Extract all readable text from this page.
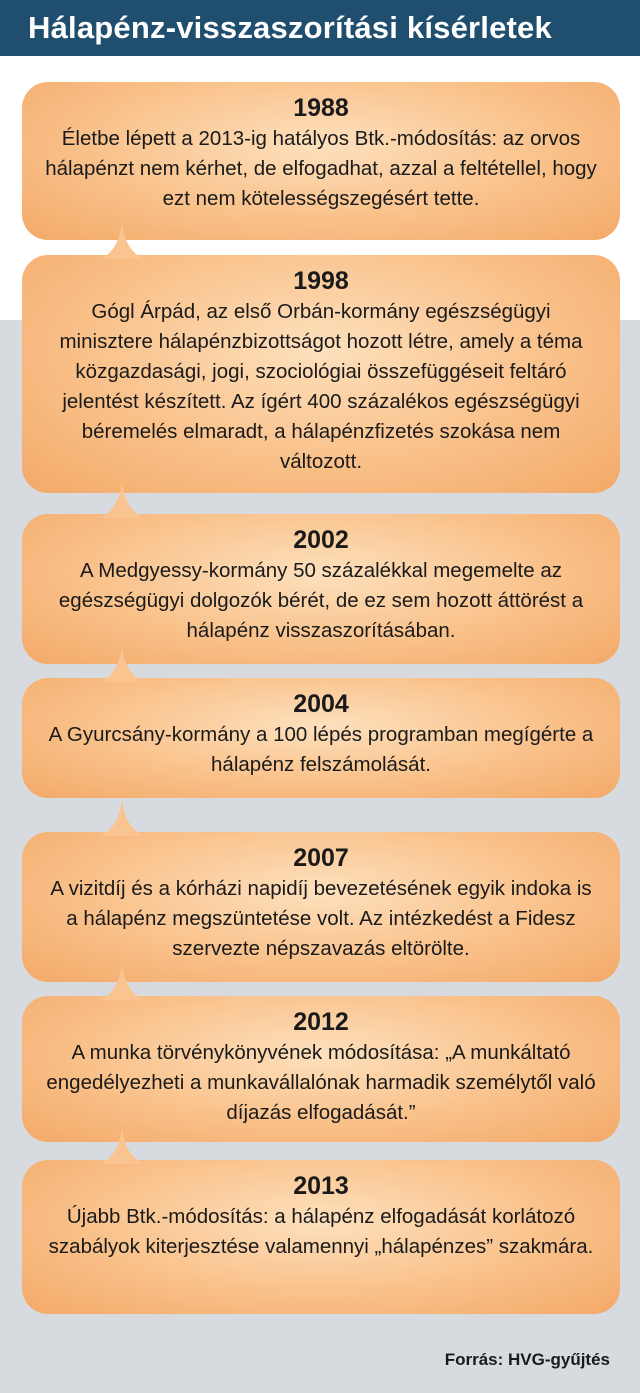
Hálapénz-visszaszorítási kísérletek
1988
Életbe lépett a 2013-ig hatályos Btk.-módosítás: az orvos hálapénzt nem kérhet, de elfogadhat, azzal a feltétellel, hogy ezt nem kötelességszegésért tette.
1998
Gógl Árpád, az első Orbán-kormány egészségügyi minisztere hálapénzbizottságot hozott létre, amely a téma közgazdasági, jogi, szociológiai összefüggéseit feltáró jelentést készített. Az ígért 400 százalékos egészségügyi béremelés elmaradt, a hálapénzfizetés szokása nem változott.
2002
A Medgyessy-kormány 50 százalékkal megemelte az egészségügyi dolgozók bérét, de ez sem hozott áttörést a hálapénz visszaszorításában.
2004
A Gyurcsány-kormány a 100 lépés programban megígérte a hálapénz felszámolását.
2007
A vizitdíj és a kórházi napidíj bevezetésének egyik indoka is a hálapénz megszüntetése volt. Az intézkedést a Fidesz szervezte népszavazás eltörölte.
2012
A munka törvénykönyvének módosítása: „A munkáltató engedélyezheti a munkavállalónak harmadik személytől való díjazás elfogadását.”
2013
Újabb Btk.-módosítás: a hálapénz elfogadását korlátozó szabályok kiterjesztése valamennyi „hálapénzes” szakmára.
Forrás: HVG-gyűjtés
